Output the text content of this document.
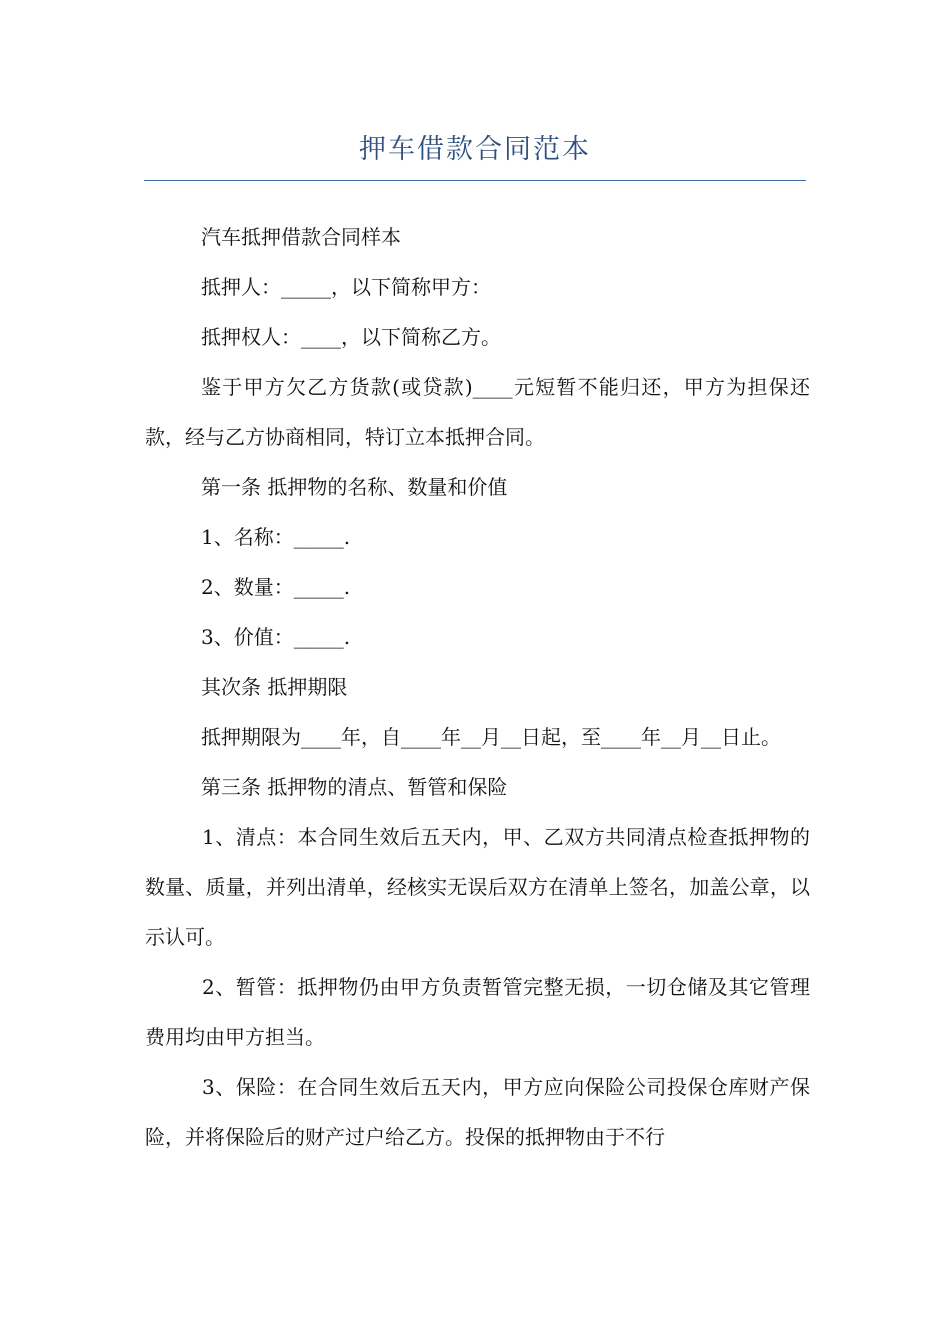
押车借款合同范本

汽车抵押借款合同样本

抵押人：_____，以下简称甲方：

抵押权人：____，以下简称乙方。

鉴于甲方欠乙方货款(或贷款)____元短暂不能归还，甲方为担保还款，经与乙方协商相同，特订立本抵押合同。

第一条 抵押物的名称、数量和价值

1、名称：_____.

2、数量：_____.

3、价值：_____.

其次条 抵押期限

抵押期限为____年，自____年__月__日起，至____年__月__日止。

第三条 抵押物的清点、暂管和保险

1、清点：本合同生效后五天内，甲、乙双方共同清点检查抵押物的数量、质量，并列出清单，经核实无误后双方在清单上签名，加盖公章，以示认可。

2、暂管：抵押物仍由甲方负责暂管完整无损，一切仓储及其它管理费用均由甲方担当。

3、保险：在合同生效后五天内，甲方应向保险公司投保仓库财产保险，并将保险后的财产过户给乙方。投保的抵押物由于不行
